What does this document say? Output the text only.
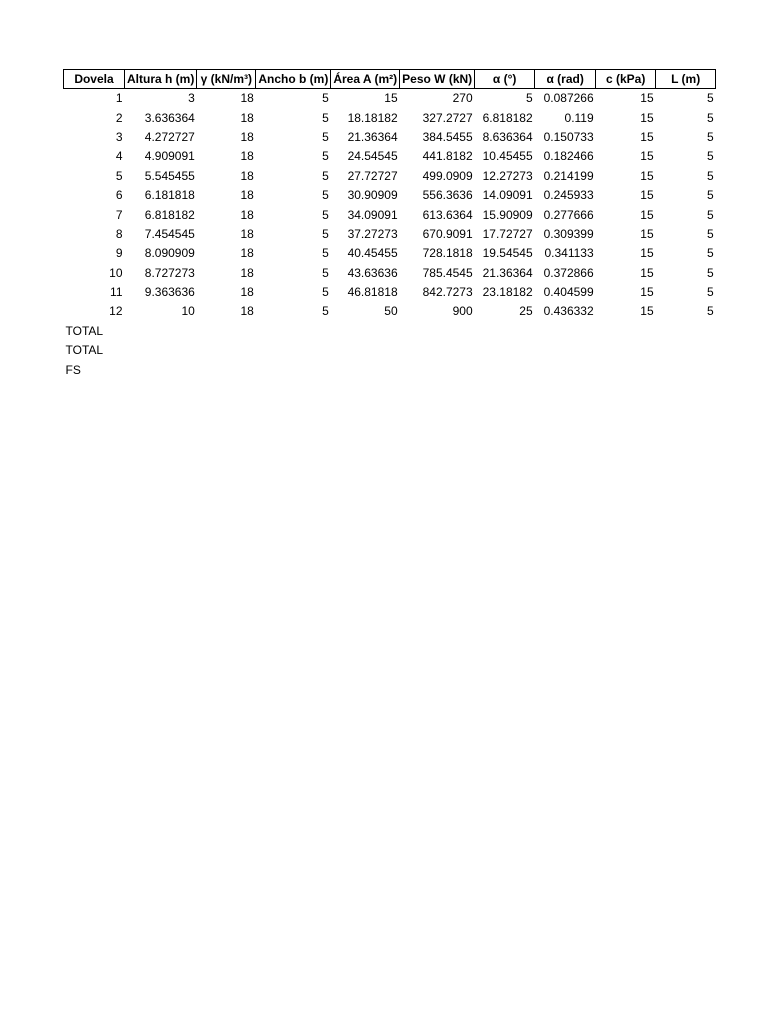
Dovela	Altura h (m)	γ (kN/m³)	Ancho b (m)	Área A (m²)	Peso W (kN)	α (°)	α (rad)	c (kPa)	L (m)
1	3	18	5	15	270	5	0.087266	15	5
2	3.636364	18	5	18.18182	327.2727	6.818182	0.119	15	5
3	4.272727	18	5	21.36364	384.5455	8.636364	0.150733	15	5
4	4.909091	18	5	24.54545	441.8182	10.45455	0.182466	15	5
5	5.545455	18	5	27.72727	499.0909	12.27273	0.214199	15	5
6	6.181818	18	5	30.90909	556.3636	14.09091	0.245933	15	5
7	6.818182	18	5	34.09091	613.6364	15.90909	0.277666	15	5
8	7.454545	18	5	37.27273	670.9091	17.72727	0.309399	15	5
9	8.090909	18	5	40.45455	728.1818	19.54545	0.341133	15	5
10	8.727273	18	5	43.63636	785.4545	21.36364	0.372866	15	5
11	9.363636	18	5	46.81818	842.7273	23.18182	0.404599	15	5
12	10	18	5	50	900	25	0.436332	15	5
TOTAL									
TOTAL									
FS									
